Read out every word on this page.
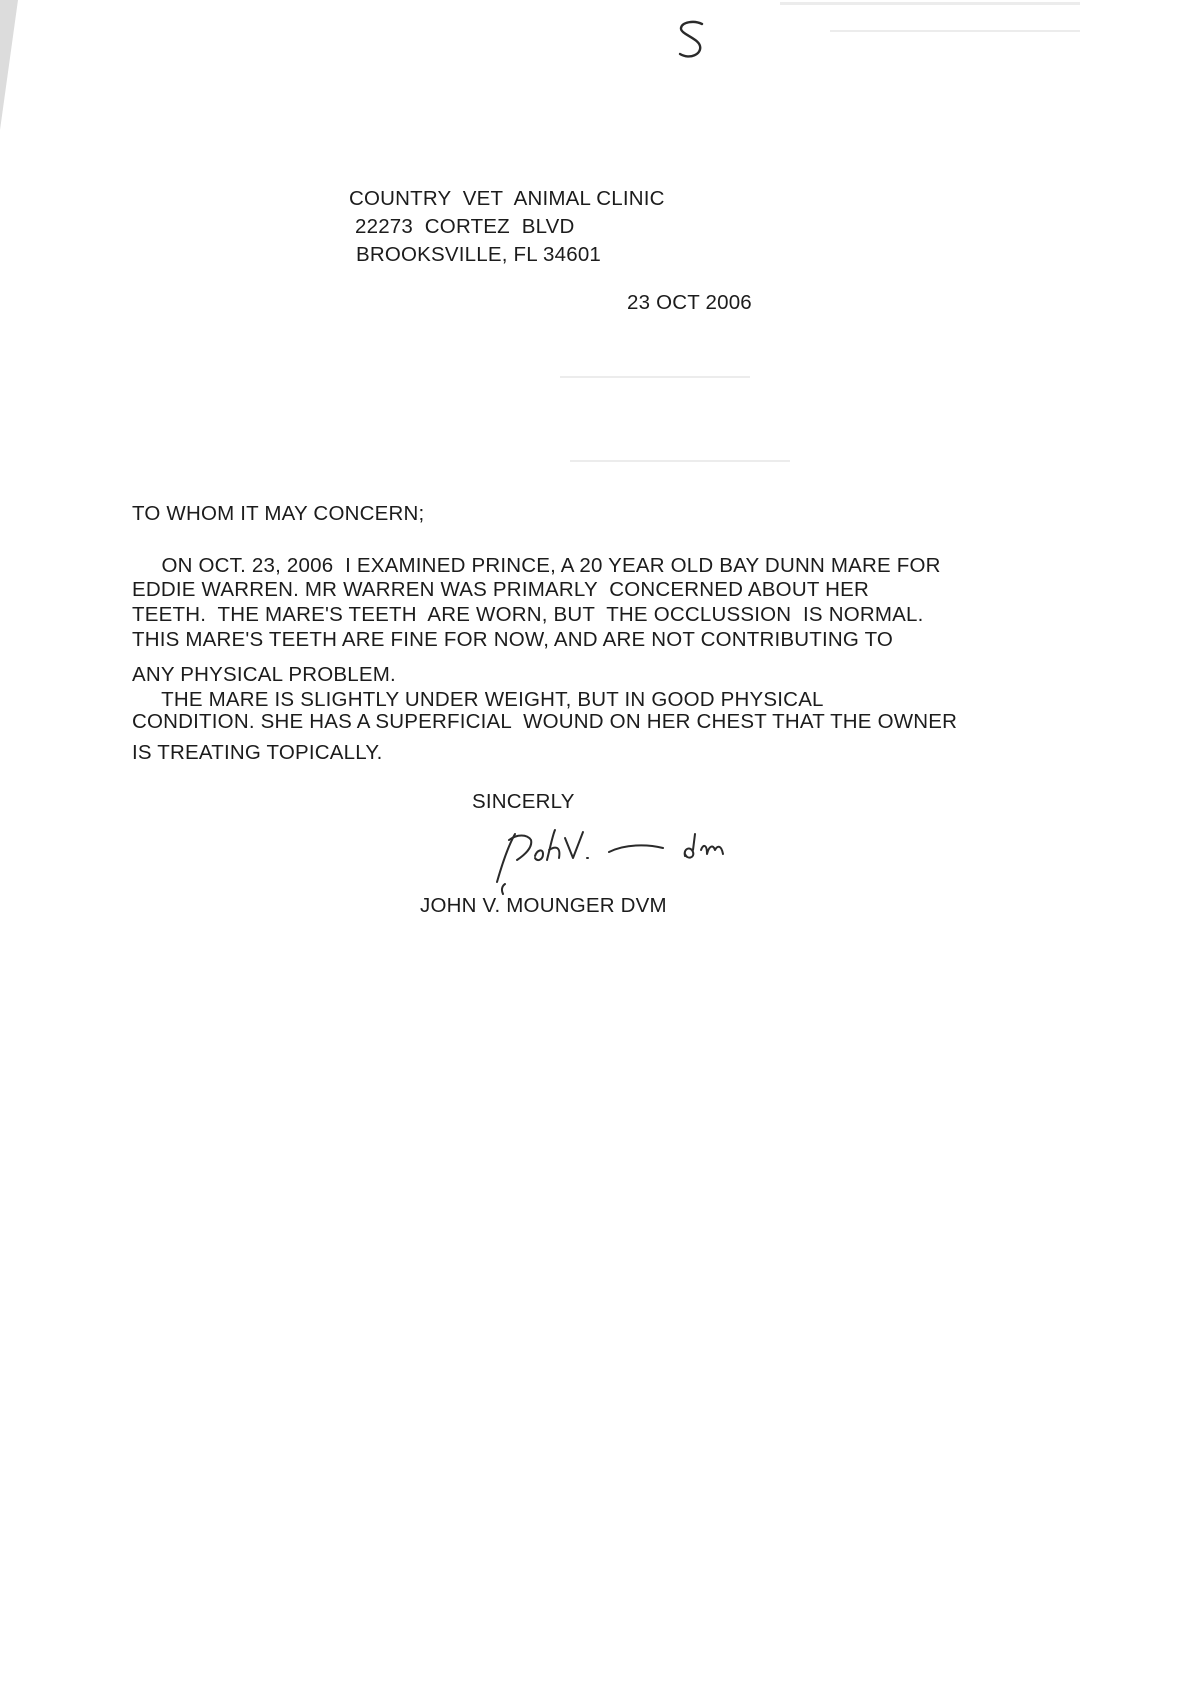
COUNTRY  VET  ANIMAL CLINIC
22273  CORTEZ  BLVD
BROOKSVILLE, FL 34601
23 OCT 2006
TO WHOM IT MAY CONCERN;
ON OCT. 23, 2006  I EXAMINED PRINCE, A 20 YEAR OLD BAY DUNN MARE FOR
EDDIE WARREN. MR WARREN WAS PRIMARLY  CONCERNED ABOUT HER
TEETH.  THE MARE'S TEETH  ARE WORN, BUT  THE OCCLUSSION  IS NORMAL.
THIS MARE'S TEETH ARE FINE FOR NOW, AND ARE NOT CONTRIBUTING TO
ANY PHYSICAL PROBLEM.
THE MARE IS SLIGHTLY UNDER WEIGHT, BUT IN GOOD PHYSICAL
CONDITION. SHE HAS A SUPERFICIAL  WOUND ON HER CHEST THAT THE OWNER
IS TREATING TOPICALLY.
SINCERLY
JOHN V. MOUNGER DVM
